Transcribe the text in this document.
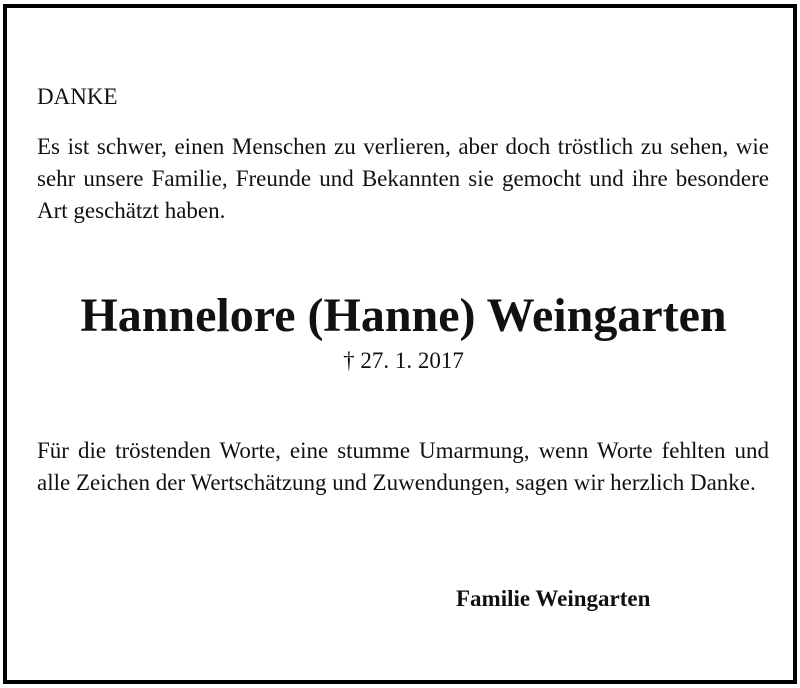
DANKE
Es ist schwer, einen Menschen zu verlieren, aber doch tröstlich zu sehen, wie sehr unsere Familie, Freunde und Bekannten sie gemocht und ihre besondere Art geschätzt haben.
Hannelore (Hanne) Weingarten
† 27. 1. 2017
Für die tröstenden Worte, eine stumme Umarmung, wenn Worte fehlten und alle Zeichen der Wertschätzung und Zuwendungen, sagen wir herzlich Danke.
Familie Weingarten
